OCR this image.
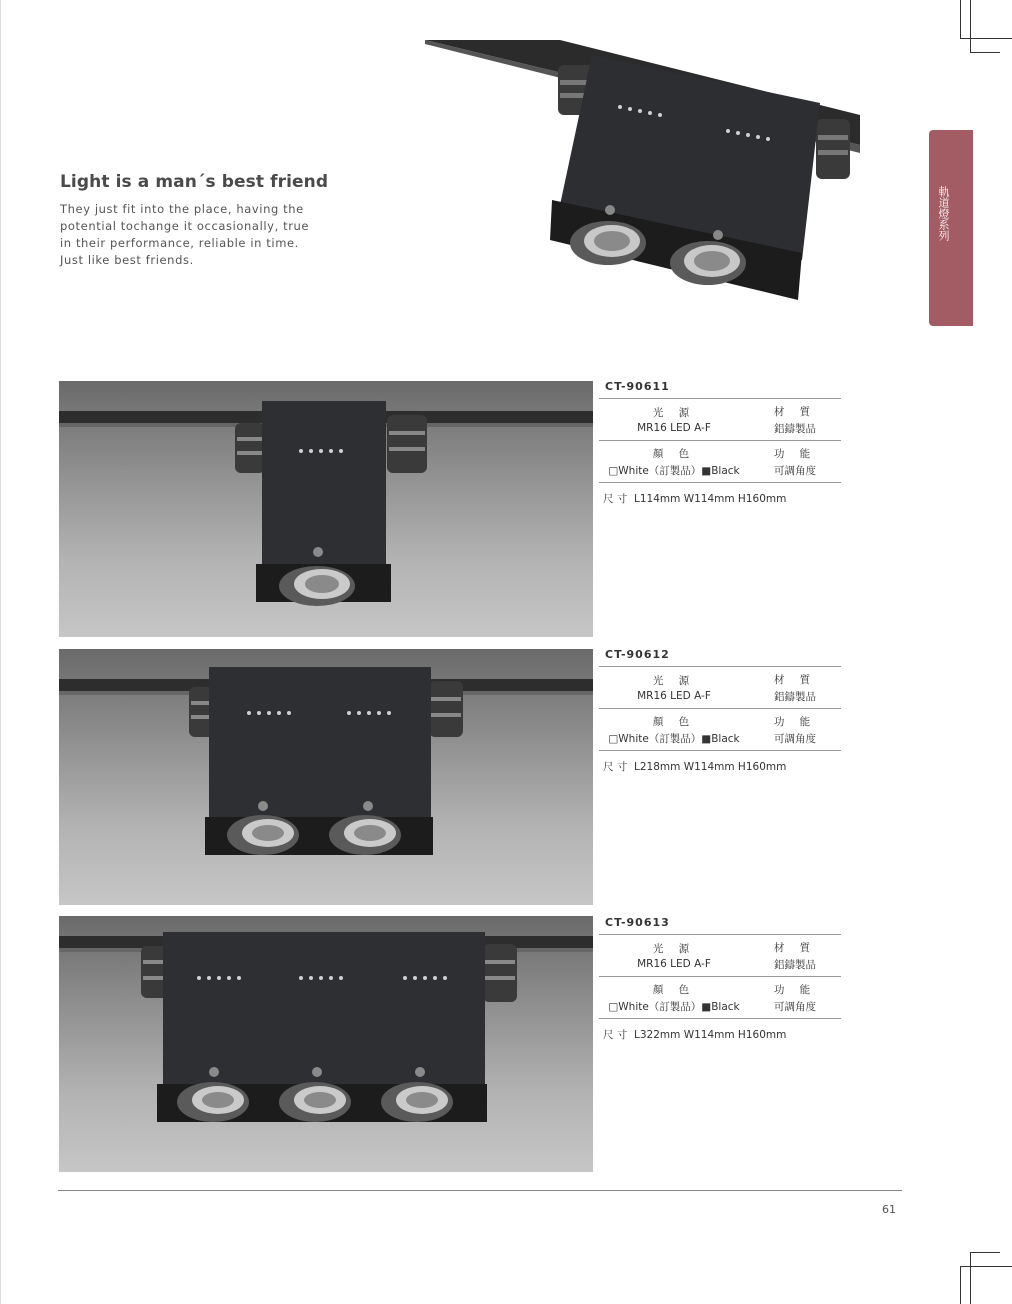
Light is a man´s best friend
They just fit into the place, having the
potential tochange it occasionally, true
in their performance, reliable in time.
Just like best friends.
軌道燈系列
CT-90611
光 源
MR16 LED A-F
材 質
鋁鑄製品
顏 色
□White（訂製品）■Black
功 能
可調角度
尺 寸 L114mm W114mm H160mm
CT-90612
光 源
MR16 LED A-F
材 質
鋁鑄製品
顏 色
□White（訂製品）■Black
功 能
可調角度
尺 寸 L218mm W114mm H160mm
CT-90613
光 源
MR16 LED A-F
材 質
鋁鑄製品
顏 色
□White（訂製品）■Black
功 能
可調角度
尺 寸 L322mm W114mm H160mm
61
